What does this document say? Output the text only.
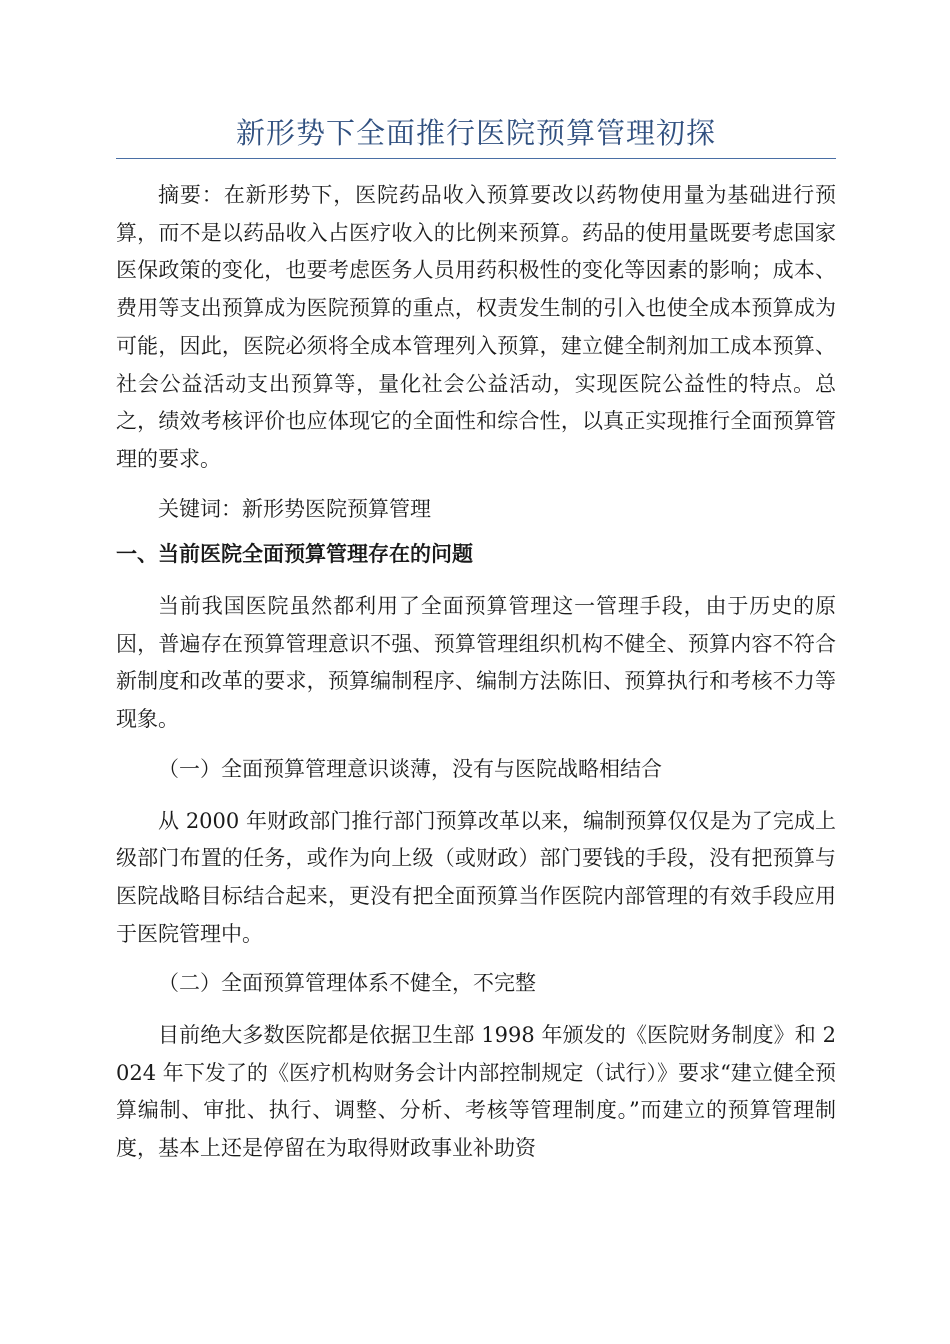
新形势下全面推行医院预算管理初探

摘要：在新形势下，医院药品收入预算要改以药物使用量为基础进行预算，而不是以药品收入占医疗收入的比例来预算。药品的使用量既要考虑国家医保政策的变化，也要考虑医务人员用药积极性的变化等因素的影响；成本、费用等支出预算成为医院预算的重点，权责发生制的引入也使全成本预算成为可能，因此，医院必须将全成本管理列入预算，建立健全制剂加工成本预算、社会公益活动支出预算等，量化社会公益活动，实现医院公益性的特点。总之，绩效考核评价也应体现它的全面性和综合性，以真正实现推行全面预算管理的要求。

关键词：新形势医院预算管理

一、当前医院全面预算管理存在的问题

当前我国医院虽然都利用了全面预算管理这一管理手段，由于历史的原因，普遍存在预算管理意识不强、预算管理组织机构不健全、预算内容不符合新制度和改革的要求，预算编制程序、编制方法陈旧、预算执行和考核不力等现象。

（一）全面预算管理意识谈薄，没有与医院战略相结合

从 2000 年财政部门推行部门预算改革以来，编制预算仅仅是为了完成上级部门布置的任务，或作为向上级（或财政）部门要钱的手段，没有把预算与医院战略目标结合起来，更没有把全面预算当作医院内部管理的有效手段应用于医院管理中。

（二）全面预算管理体系不健全，不完整

目前绝大多数医院都是依据卫生部 1998 年颁发的《医院财务制度》和 2024 年下发了的《医疗机构财务会计内部控制规定（试行）》要求“建立健全预算编制、审批、执行、调整、分析、考核等管理制度。”而建立的预算管理制度，基本上还是停留在为取得财政事业补助资
